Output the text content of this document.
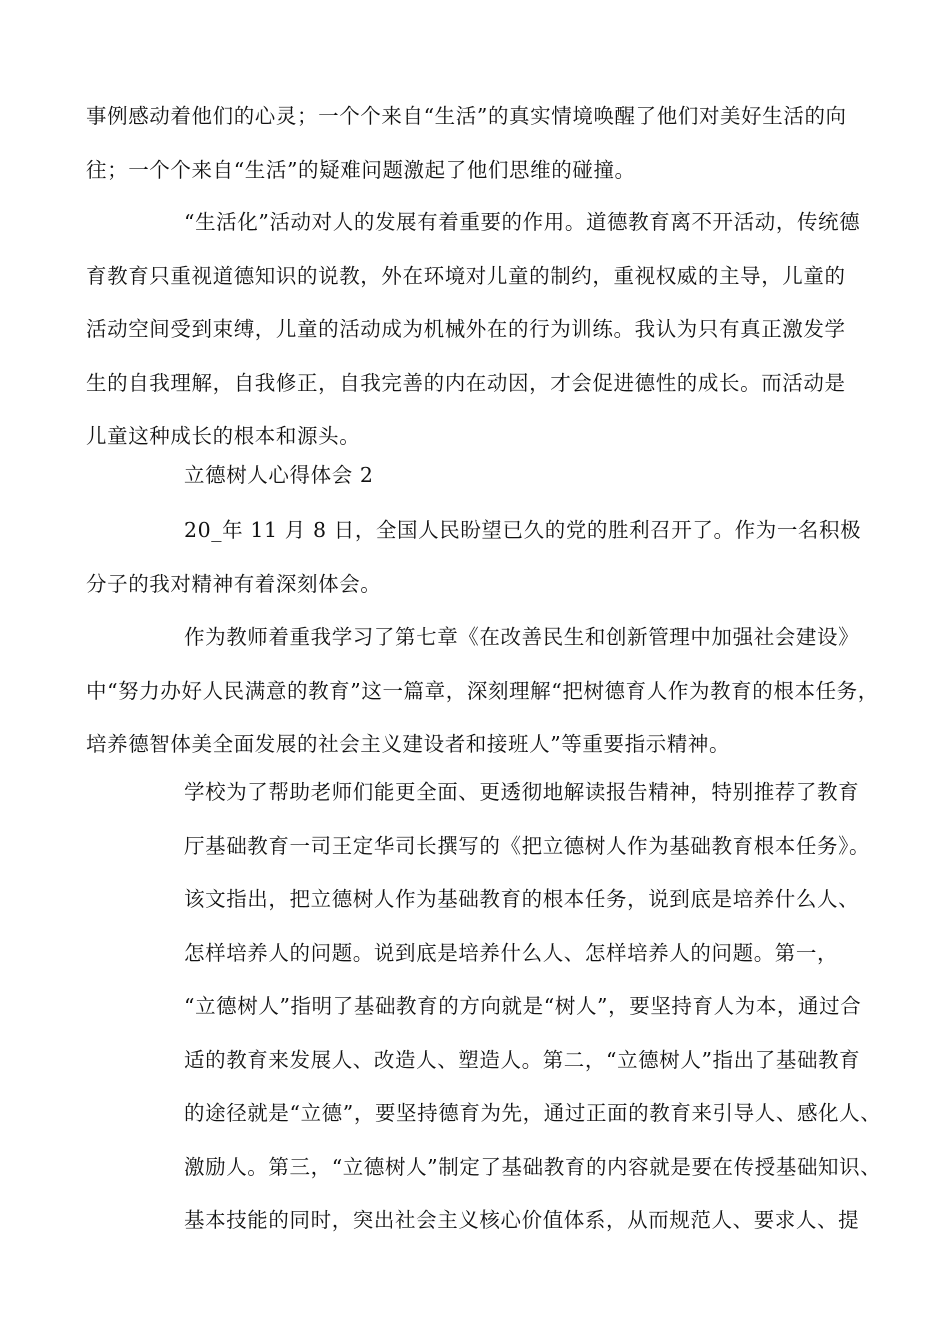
事例感动着他们的心灵；一个个来自“生活”的真实情境唤醒了他们对美好生活的向
往；一个个来自“生活”的疑难问题激起了他们思维的碰撞。
“生活化”活动对人的发展有着重要的作用。道德教育离不开活动，传统德
育教育只重视道德知识的说教，外在环境对儿童的制约，重视权威的主导，儿童的
活动空间受到束缚，儿童的活动成为机械外在的行为训练。我认为只有真正激发学
生的自我理解，自我修正，自我完善的内在动因，才会促进德性的成长。而活动是
儿童这种成长的根本和源头。
立德树人心得体会 2
20_年 11 月 8 日，全国人民盼望已久的党的胜利召开了。作为一名积极
分子的我对精神有着深刻体会。
作为教师着重我学习了第七章《在改善民生和创新管理中加强社会建设》
中“努力办好人民满意的教育”这一篇章，深刻理解“把树德育人作为教育的根本任务，
培养德智体美全面发展的社会主义建设者和接班人”等重要指示精神。
学校为了帮助老师们能更全面、更透彻地解读报告精神，特别推荐了教育
厅基础教育一司王定华司长撰写的《把立德树人作为基础教育根本任务》。
该文指出，把立德树人作为基础教育的根本任务，说到底是培养什么人、
怎样培养人的问题。说到底是培养什么人、怎样培养人的问题。第一，
“立德树人”指明了基础教育的方向就是“树人”，要坚持育人为本，通过合
适的教育来发展人、改造人、塑造人。第二，“立德树人”指出了基础教育
的途径就是“立德”，要坚持德育为先，通过正面的教育来引导人、感化人、
激励人。第三，“立德树人”制定了基础教育的内容就是要在传授基础知识、
基本技能的同时，突出社会主义核心价值体系，从而规范人、要求人、提
